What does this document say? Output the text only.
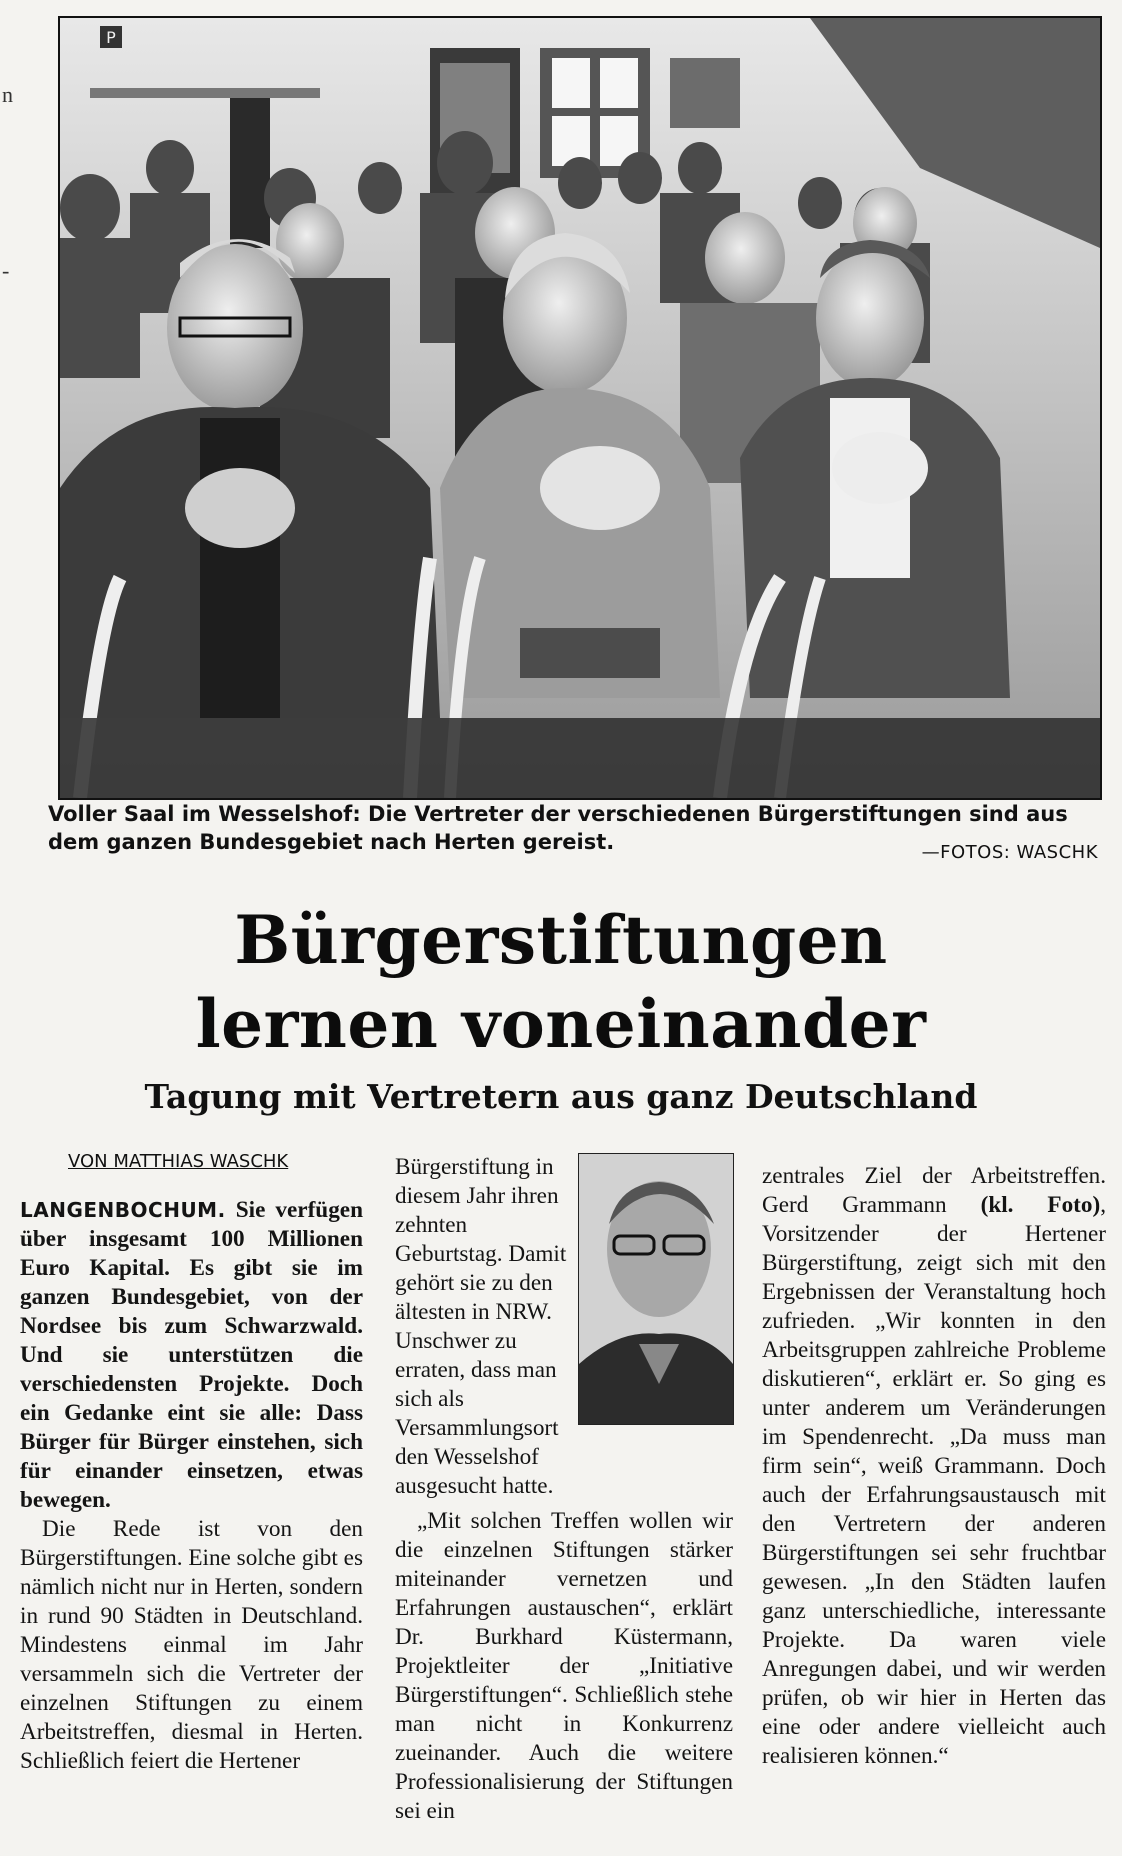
n
-
P
Voller Saal im Wesselshof: Die Vertreter der verschiedenen Bürgerstiftungen sind aus dem ganzen Bundesgebiet nach Herten gereist.	—FOTOS: WASCHK
Bürgerstiftungen
lernen voneinander
Tagung mit Vertretern aus ganz Deutschland
VON MATTHIAS WASCHK

LANGENBOCHUM. Sie verfügen über insgesamt 100 Millionen Euro Kapital. Es gibt sie im ganzen Bundesgebiet, von der Nordsee bis zum Schwarzwald. Und sie unterstützen die verschiedensten Projekte. Doch ein Gedanke eint sie alle: Dass Bürger für Bürger einstehen, sich für einander einsetzen, etwas bewegen.

Die Rede ist von den Bürgerstiftungen. Eine solche gibt es nämlich nicht nur in Herten, sondern in rund 90 Städten in Deutschland. Mindestens einmal im Jahr versammeln sich die Vertreter der einzelnen Stiftungen zu einem Arbeitstreffen, diesmal in Herten. Schließlich feiert die Hertener

Bürgerstiftung in diesem Jahr ihren zehnten Geburtstag. Damit gehört sie zu den ältesten in NRW. Unschwer zu erraten, dass man sich als Versammlungsort den Wesselshof ausgesucht hatte.

„Mit solchen Treffen wollen wir die einzelnen Stiftungen stärker miteinander vernetzen und Erfahrungen austauschen“, erklärt Dr. Burkhard Küstermann, Projektleiter der „Initiative Bürgerstiftungen“. Schließlich stehe man nicht in Konkurrenz zueinander. Auch die weitere Professionalisierung der Stiftungen sei ein

zentrales Ziel der Arbeitstreffen. Gerd Grammann (kl. Foto), Vorsitzender der Hertener Bürgerstiftung, zeigt sich mit den Ergebnissen der Veranstaltung hoch zufrieden. „Wir konnten in den Arbeitsgruppen zahlreiche Probleme diskutieren“, erklärt er. So ging es unter anderem um Veränderungen im Spendenrecht. „Da muss man firm sein“, weiß Grammann. Doch auch der Erfahrungsaustausch mit den Vertretern der anderen Bürgerstiftungen sei sehr fruchtbar gewesen. „In den Städten laufen ganz unterschiedliche, interessante Projekte. Da waren viele Anregungen dabei, und wir werden prüfen, ob wir hier in Herten das eine oder andere vielleicht auch realisieren können.“
